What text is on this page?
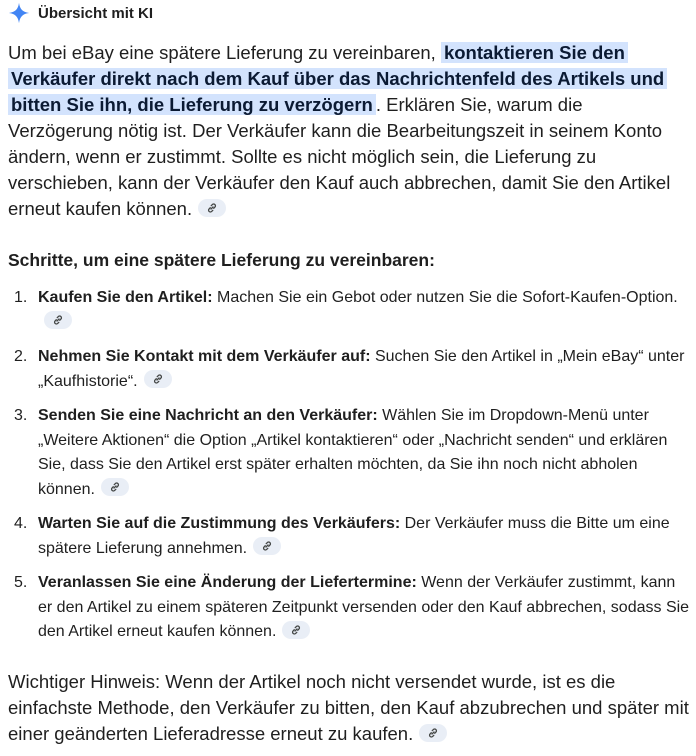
Übersicht mit KI

Um bei eBay eine spätere Lieferung zu vereinbaren, kontaktieren Sie den Verkäufer direkt nach dem Kauf über das Nachrichtenfeld des Artikels und bitten Sie ihn, die Lieferung zu verzögern . Erklären Sie, warum die Verzögerung nötig ist. Der Verkäufer kann die Bearbeitungszeit in seinem Konto ändern, wenn er zustimmt. Sollte es nicht möglich sein, die Lieferung zu verschieben, kann der Verkäufer den Kauf auch abbrechen, damit Sie den Artikel erneut kaufen können.

Schritte, um eine spätere Lieferung zu vereinbaren:
1. Kaufen Sie den Artikel: Machen Sie ein Gebot oder nutzen Sie die Sofort-Kaufen-Option.
2. Nehmen Sie Kontakt mit dem Verkäufer auf: Suchen Sie den Artikel in „Mein eBay“ unter „Kaufhistorie“.
3. Senden Sie eine Nachricht an den Verkäufer: Wählen Sie im Dropdown-Menü unter „Weitere Aktionen“ die Option „Artikel kontaktieren“ oder „Nachricht senden“ und erklären Sie, dass Sie den Artikel erst später erhalten möchten, da Sie ihn noch nicht abholen können.
4. Warten Sie auf die Zustimmung des Verkäufers: Der Verkäufer muss die Bitte um eine spätere Lieferung annehmen.
5. Veranlassen Sie eine Änderung der Liefertermine: Wenn der Verkäufer zustimmt, kann er den Artikel zu einem späteren Zeitpunkt versenden oder den Kauf abbrechen, sodass Sie den Artikel erneut kaufen können.

Wichtiger Hinweis: Wenn der Artikel noch nicht versendet wurde, ist es die einfachste Methode, den Verkäufer zu bitten, den Kauf abzubrechen und später mit einer geänderten Lieferadresse erneut zu kaufen.
